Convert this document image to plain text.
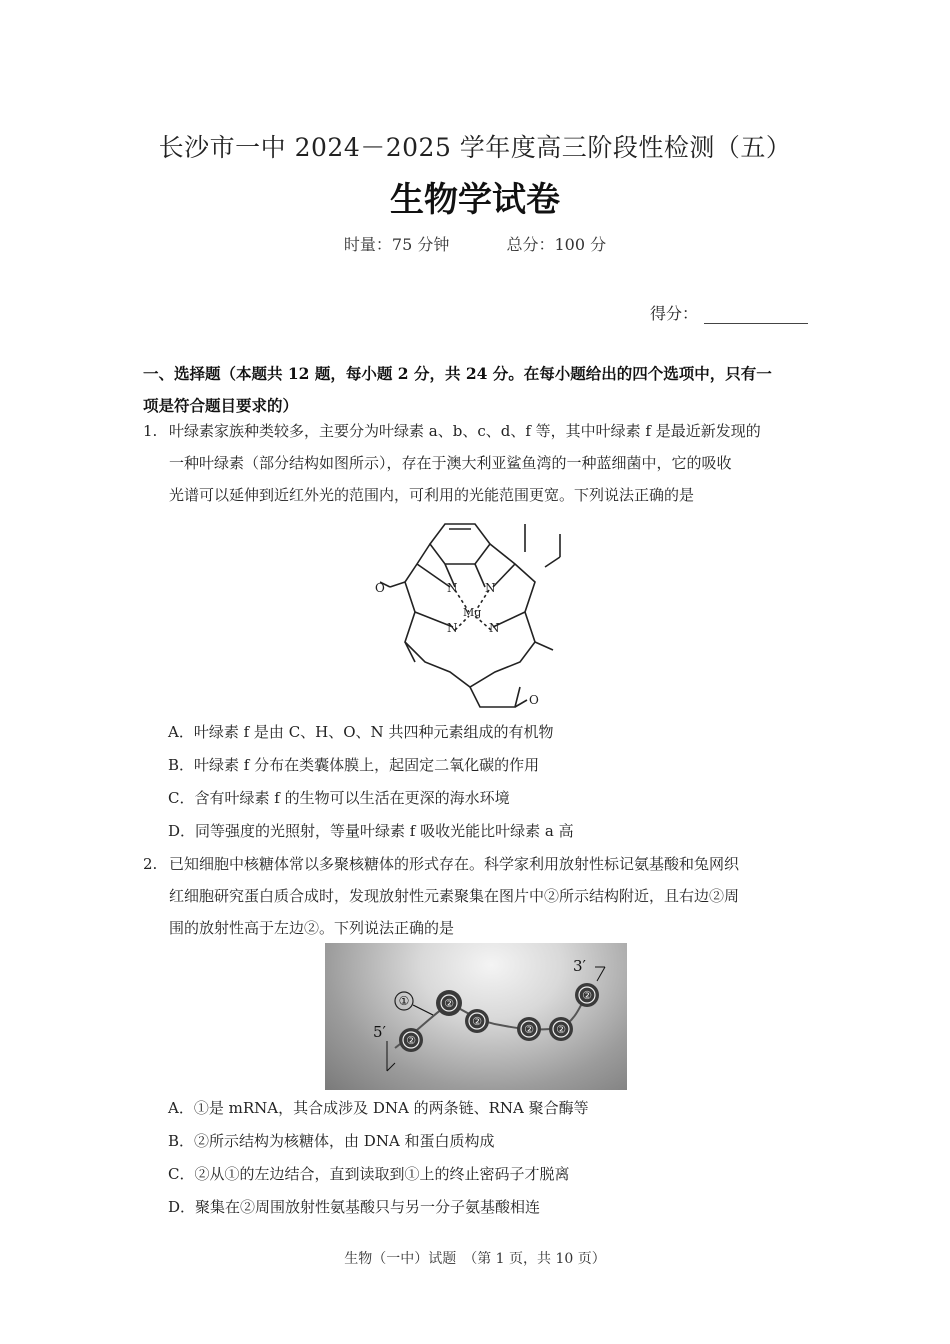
长沙市一中 2024－2025 学年度高三阶段性检测（五）
生物学试卷
时量：75 分钟	总分：100 分
得分：
一、选择题（本题共 12 题，每小题 2 分，共 24 分。在每小题给出的四个选项中，只有一
项是符合题目要求的）
1. 叶绿素家族种类较多，主要分为叶绿素 a、b、c、d、f 等，其中叶绿素 f 是最近新发现的
一种叶绿素（部分结构如图所示），存在于澳大利亚鲨鱼湾的一种蓝细菌中，它的吸收
光谱可以延伸到近红外光的范围内，可利用的光能范围更宽。下列说法正确的是
N N
N	N
Mg
O
O
A．叶绿素 f 是由 C、H、O、N 共四种元素组成的有机物
B．叶绿素 f 分布在类囊体膜上，起固定二氧化碳的作用
C．含有叶绿素 f 的生物可以生活在更深的海水环境
D．同等强度的光照射，等量叶绿素 f 吸收光能比叶绿素 a 高
2. 已知细胞中核糖体常以多聚核糖体的形式存在。科学家利用放射性标记氨基酸和兔网织
红细胞研究蛋白质合成时，发现放射性元素聚集在图片中②所示结构附近，且右边②周
围的放射性高于左边②。下列说法正确的是
②
②
② ②
②
②
①
3′
5′
A．①是 mRNA，其合成涉及 DNA 的两条链、RNA 聚合酶等
B．②所示结构为核糖体，由 DNA 和蛋白质构成
C．②从①的左边结合，直到读取到①上的终止密码子才脱离
D．聚集在②周围放射性氨基酸只与另一分子氨基酸相连
生物（一中）试题　（第 1 页，共 10 页）
